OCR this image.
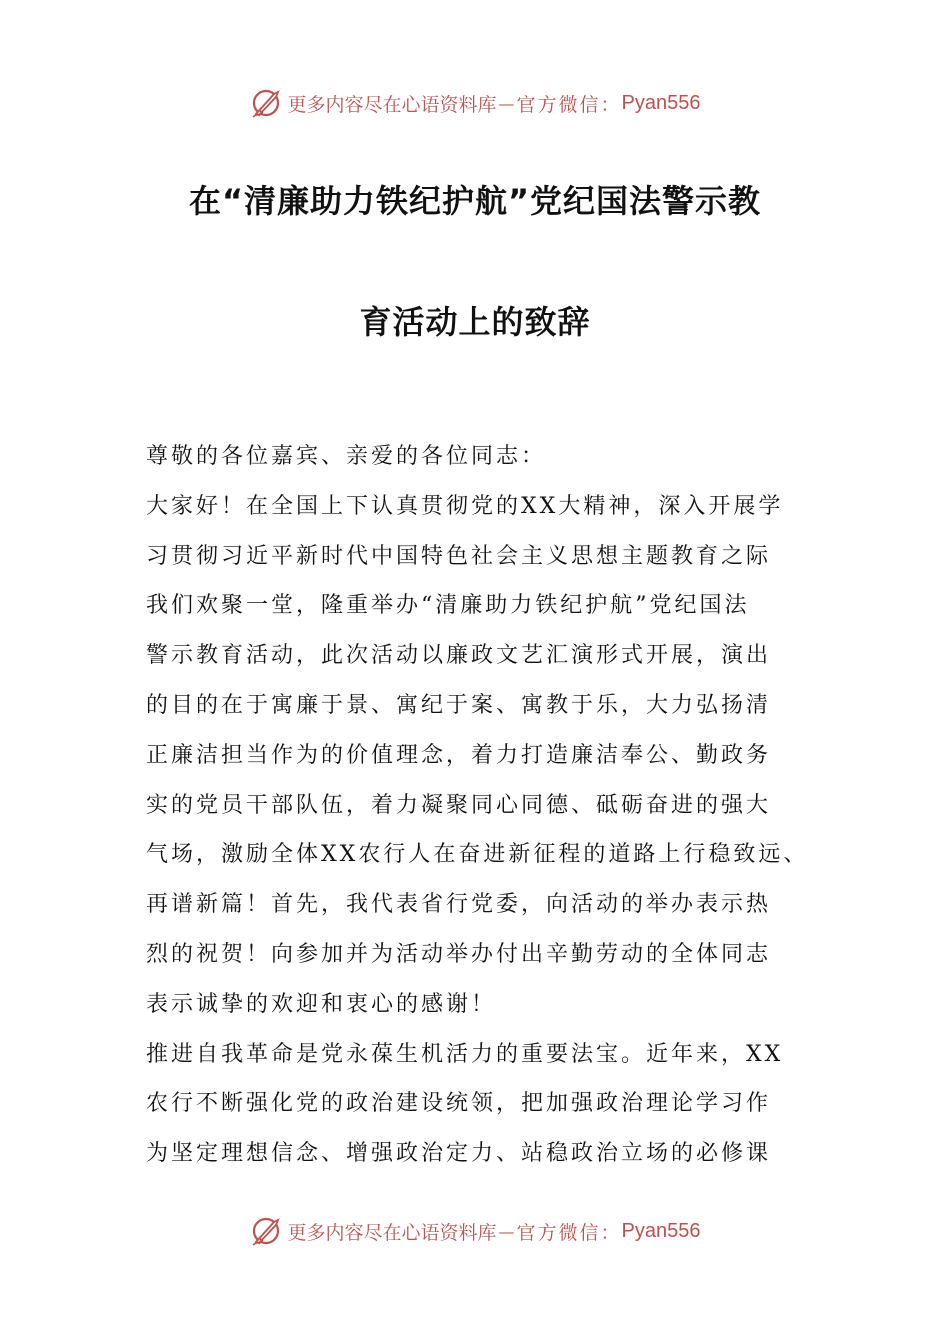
更多内容尽在心语资料库 — 官方微信： Pyan556
在“清廉助力铁纪护航”党纪国法警示教
育活动上的致辞
尊敬的各位嘉宾、亲爱的各位同志：
大家好！在全国上下认真贯彻党的XX大精神，深入开展学
习贯彻习近平新时代中国特色社会主义思想主题教育之际
我们欢聚一堂，隆重举办“清廉助力铁纪护航”党纪国法
警示教育活动，此次活动以廉政文艺汇演形式开展，演出
的目的在于寓廉于景、寓纪于案、寓教于乐，大力弘扬清
正廉洁担当作为的价值理念，着力打造廉洁奉公、勤政务
实的党员干部队伍，着力凝聚同心同德、砥砺奋进的强大
气场，激励全体XX农行人在奋进新征程的道路上行稳致远、
再谱新篇！首先，我代表省行党委，向活动的举办表示热
烈的祝贺！向参加并为活动举办付出辛勤劳动的全体同志
表示诚挚的欢迎和衷心的感谢！
推进自我革命是党永葆生机活力的重要法宝。近年来，XX
农行不断强化党的政治建设统领，把加强政治理论学习作
为坚定理想信念、增强政治定力、站稳政治立场的必修课
更多内容尽在心语资料库 — 官方微信： Pyan556
